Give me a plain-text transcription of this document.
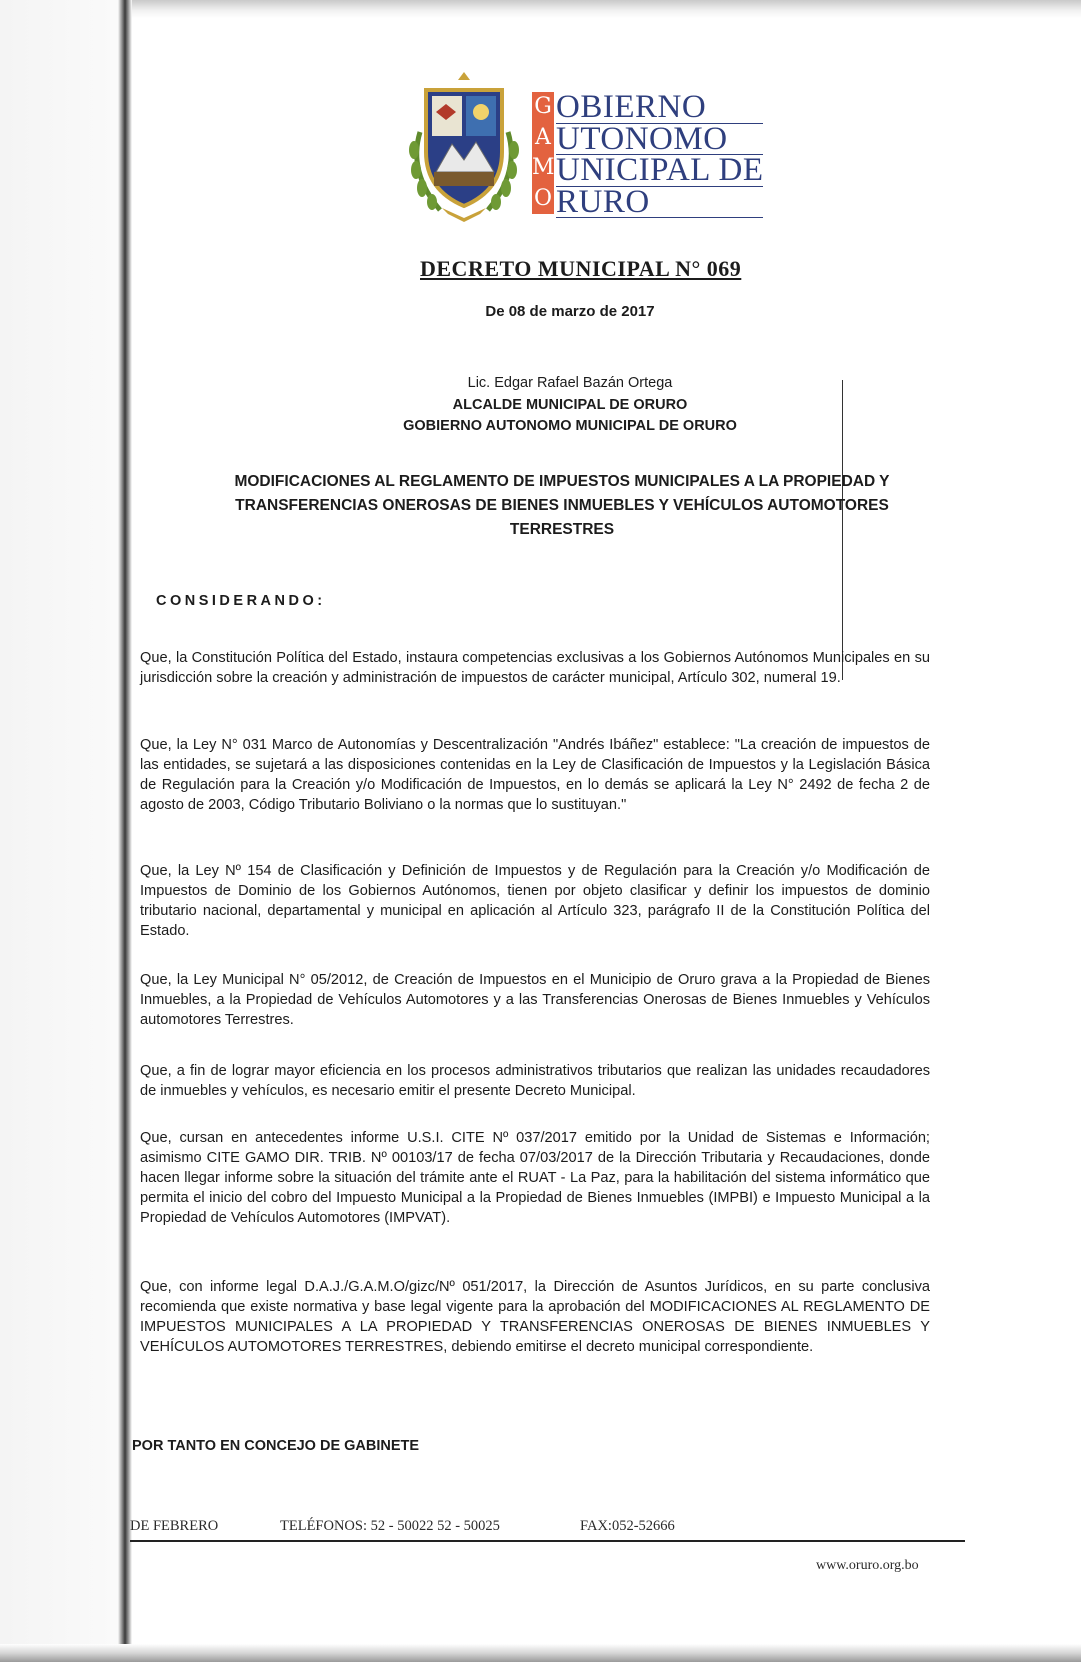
G
A
M
O
OBIERNO
UTONOMO
UNICIPAL DE
RURO
DECRETO MUNICIPAL N° 069
De 08 de marzo de 2017
Lic. Edgar Rafael Bazán Ortega
ALCALDE MUNICIPAL DE ORURO
GOBIERNO AUTONOMO MUNICIPAL DE ORURO
MODIFICACIONES AL REGLAMENTO DE IMPUESTOS MUNICIPALES A LA PROPIEDAD Y TRANSFERENCIAS ONEROSAS DE BIENES INMUEBLES Y VEHÍCULOS AUTOMOTORES TERRESTRES
CONSIDERANDO:

Que, la Constitución Política del Estado, instaura competencias exclusivas a los Gobiernos Autónomos Municipales en su jurisdicción sobre la creación y administración de impuestos de carácter municipal, Artículo 302, numeral 19.

Que, la Ley N° 031 Marco de Autonomías y Descentralización "Andrés Ibáñez" establece: "La creación de impuestos de las entidades, se sujetará a las disposiciones contenidas en la Ley de Clasificación de Impuestos y la Legislación Básica de Regulación para la Creación y/o Modificación de Impuestos, en lo demás se aplicará la Ley N° 2492 de fecha 2 de agosto de 2003, Código Tributario Boliviano o la normas que lo sustituyan."

Que, la Ley Nº 154 de Clasificación y Definición de Impuestos y de Regulación para la Creación y/o Modificación de Impuestos de Dominio de los Gobiernos Autónomos, tienen por objeto clasificar y definir los impuestos de dominio tributario nacional, departamental y municipal en aplicación al Artículo 323, parágrafo II de la Constitución Política del Estado.

Que, la Ley Municipal N° 05/2012, de Creación de Impuestos en el Municipio de Oruro grava a la Propiedad de Bienes Inmuebles, a la Propiedad de Vehículos Automotores y a las Transferencias Onerosas de Bienes Inmuebles y Vehículos automotores Terrestres.

Que, a fin de lograr mayor eficiencia en los procesos administrativos tributarios que realizan las unidades recaudadores de inmuebles y vehículos, es necesario emitir el presente Decreto Municipal.

Que, cursan en antecedentes informe U.S.I. CITE Nº 037/2017 emitido por la Unidad de Sistemas e Información; asimismo CITE GAMO DIR. TRIB. Nº 00103/17 de fecha 07/03/2017 de la Dirección Tributaria y Recaudaciones, donde hacen llegar informe sobre la situación del trámite ante el RUAT - La Paz, para la habilitación del sistema informático que permita el inicio del cobro del Impuesto Municipal a la Propiedad de Bienes Inmuebles (IMPBI) e Impuesto Municipal a la Propiedad de Vehículos Automotores (IMPVAT).

Que, con informe legal D.A.J./G.A.M.O/gizc/Nº 051/2017, la Dirección de Asuntos Jurídicos, en su parte conclusiva recomienda que existe normativa y base legal vigente para la aprobación del MODIFICACIONES AL REGLAMENTO DE IMPUESTOS MUNICIPALES A LA PROPIEDAD Y TRANSFERENCIAS ONEROSAS DE BIENES INMUEBLES Y VEHÍCULOS AUTOMOTORES TERRESTRES, debiendo emitirse el decreto municipal correspondiente.

POR TANTO EN CONCEJO DE GABINETE
DE FEBRERO	TELÉFONOS: 52 - 50022 52 - 50025	FAX:052-52666
www.oruro.org.bo
